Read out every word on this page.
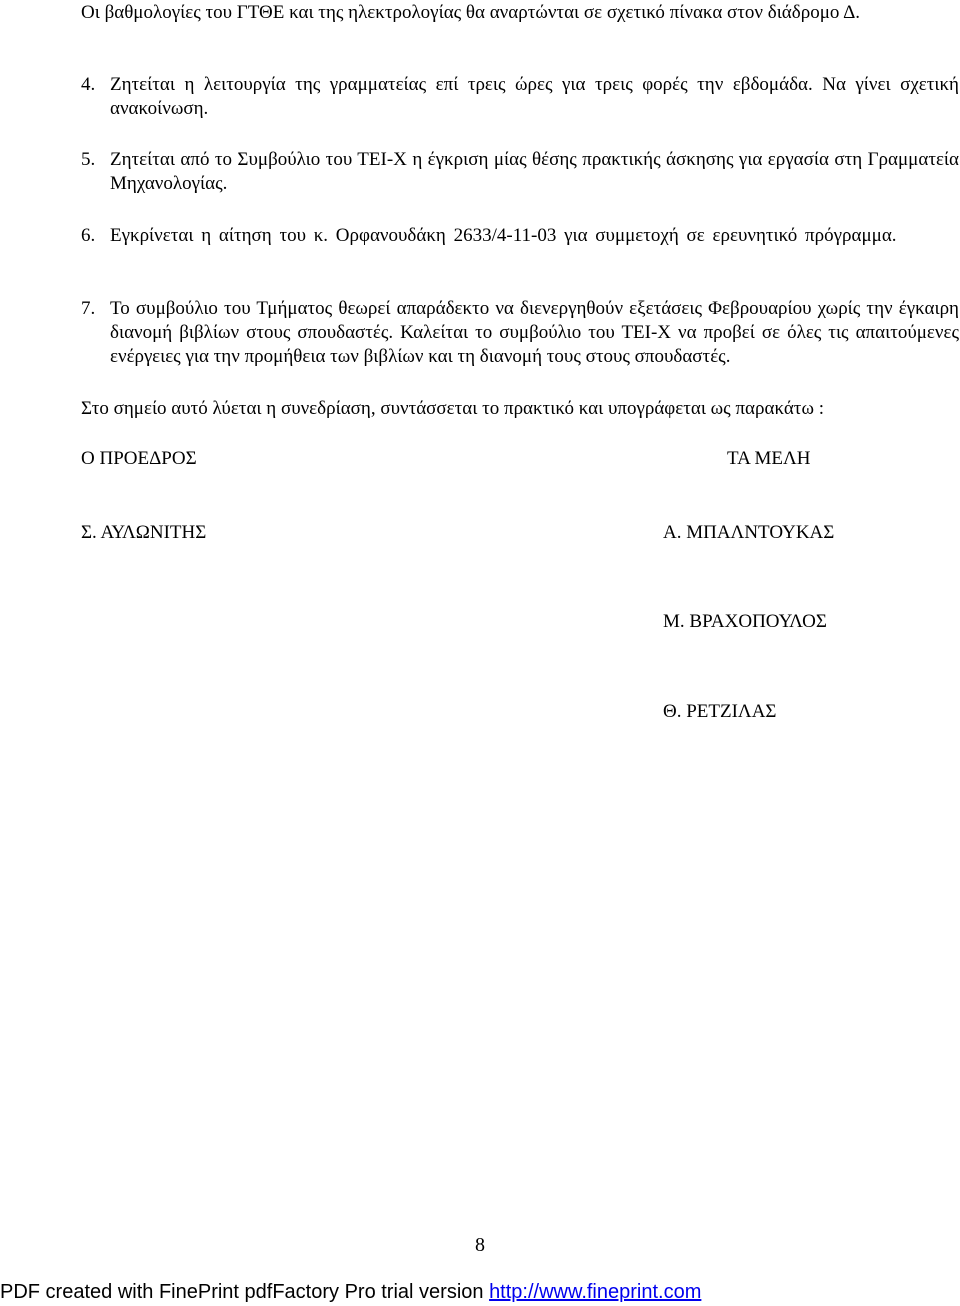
Οι βαθμολογίες του ΓΤΘΕ και της ηλεκτρολογίας θα αναρτώνται σε σχετικό πίνακα στον διάδρομο Δ.

4. Ζητείται η λειτουργία της γραμματείας επί τρεις ώρες για τρεις φορές την εβδομάδα. Να γίνει σχετική ανακοίνωση.
5. Ζητείται από το Συμβούλιο του ΤΕΙ-Χ η έγκριση μίας θέσης πρακτικής άσκησης για εργασία στη Γραμματεία Μηχανολογίας.
6. Εγκρίνεται η αίτηση του κ. Ορφανουδάκη 2633/4-11-03 για συμμετοχή σε ερευνητικό πρόγραμμα.
7. Το συμβούλιο του Τμήματος θεωρεί απαράδεκτο να διενεργηθούν εξετάσεις Φεβρουαρίου χωρίς την έγκαιρη διανομή βιβλίων στους σπουδαστές. Καλείται το συμβούλιο του ΤΕΙ-Χ να προβεί σε όλες τις απαιτούμενες ενέργειες για την προμήθεια των βιβλίων και τη διανομή τους στους σπουδαστές.

Στο σημείο αυτό λύεται η συνεδρίαση, συντάσσεται το πρακτικό και υπογράφεται ως παρακάτω :

Ο ΠΡΟΕΔΡΟΣ	ΤΑ ΜΕΛΗ
Σ. ΑΥΛΩΝΙΤΗΣ	Α. ΜΠΑΛΝΤΟΥΚΑΣ
Μ. ΒΡΑΧΟΠΟΥΛΟΣ
Θ. ΡΕΤΖΙΛΑΣ
8
PDF created with FinePrint pdfFactory Pro trial version http://www.fineprint.com
